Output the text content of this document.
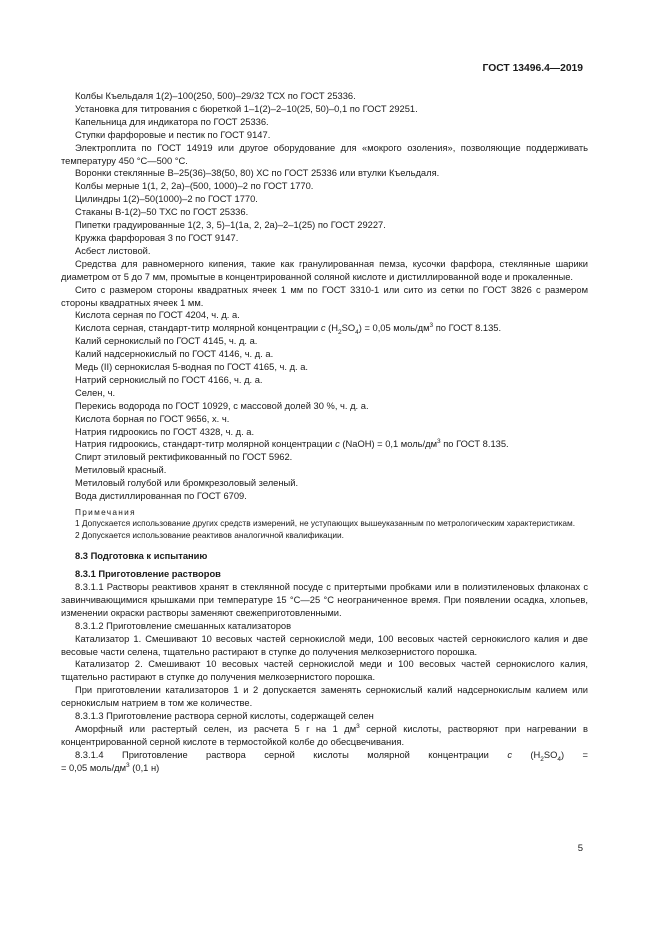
ГОСТ 13496.4—2019

Колбы Къельдаля 1(2)–100(250, 500)–29/32 ТСХ по ГОСТ 25336.

Установка для титрования с бюреткой 1–1(2)–2–10(25, 50)–0,1 по ГОСТ 29251.

Капельница для индикатора по ГОСТ 25336.

Ступки фарфоровые и пестик по ГОСТ 9147.

Электроплита по ГОСТ 14919 или другое оборудование для «мокрого озоления», позволяющие поддерживать температуру 450 °С—500 °С.

Воронки стеклянные В–25(36)–38(50, 80) ХС по ГОСТ 25336 или втулки Къельдаля.

Колбы мерные 1(1, 2, 2а)–(500, 1000)–2 по ГОСТ 1770.

Цилиндры 1(2)–50(1000)–2 по ГОСТ 1770.

Стаканы В-1(2)–50 ТХС по ГОСТ 25336.

Пипетки градуированные 1(2, 3, 5)–1(1а, 2, 2а)–2–1(25) по ГОСТ 29227.

Кружка фарфоровая 3 по ГОСТ 9147.

Асбест листовой.

Средства для равномерного кипения, такие как гранулированная пемза, кусочки фарфора, стеклянные шарики диаметром от 5 до 7 мм, промытые в концентрированной соляной кислоте и дистиллированной воде и прокаленные.

Сито с размером стороны квадратных ячеек 1 мм по ГОСТ 3310-1 или сито из сетки по ГОСТ 3826 с размером стороны квадратных ячеек 1 мм.

Кислота серная по ГОСТ 4204, ч. д. а.

Кислота серная, стандарт-титр молярной концентрации c $(H_2SO_4) = 0,05$ моль/$дм^3$ по ГОСТ 8.135.

Калий сернокислый по ГОСТ 4145, ч. д. а.

Калий надсернокислый по ГОСТ 4146, ч. д. а.

Медь (II) сернокислая 5-водная по ГОСТ 4165, ч. д. а.

Натрий сернокислый по ГОСТ 4166, ч. д. а.

Селен, ч.

Перекись водорода по ГОСТ 10929, с массовой долей 30 %, ч. д. а.

Кислота борная по ГОСТ 9656, х. ч.

Натрия гидроокись по ГОСТ 4328, ч. д. а.

Натрия гидроокись, стандарт-титр молярной концентрации c (NaOH) = 0,1 моль/$дм^3$ по ГОСТ 8.135.

Спирт этиловый ректификованный по ГОСТ 5962.

Метиловый красный.

Метиловый голубой или бромкрезоловый зеленый.

Вода дистиллированная по ГОСТ 6709.

Примечания

1 Допускается использование других средств измерений, не уступающих вышеуказанным по метрологическим характеристикам.

2 Допускается использование реактивов аналогичной квалификации.

8.3 Подготовка к испытанию

8.3.1 Приготовление растворов

8.3.1.1 Растворы реактивов хранят в стеклянной посуде с притертыми пробками или в полиэтиленовых флаконах с завинчивающимися крышками при температуре 15 °С—25 °С неограниченное время. При появлении осадка, хлопьев, изменении окраски растворы заменяют свежеприготовленными.

8.3.1.2 Приготовление смешанных катализаторов

Катализатор 1. Смешивают 10 весовых частей сернокислой меди, 100 весовых частей сернокислого калия и две весовые части селена, тщательно растирают в ступке до получения мелкозернистого порошка.

Катализатор 2. Смешивают 10 весовых частей сернокислой меди и 100 весовых частей сернокислого калия, тщательно растирают в ступке до получения мелкозернистого порошка.

При приготовлении катализаторов 1 и 2 допускается заменять сернокислый калий надсернокислым калием или сернокислым натрием в том же количестве.

8.3.1.3 Приготовление раствора серной кислоты, содержащей селен

Аморфный или растертый селен, из расчета 5 г на 1 $дм^3$ серной кислоты, растворяют при нагревании в концентрированной серной кислоте в термостойкой колбе до обесцвечивания.

8.3.1.4 Приготовление раствора серной кислоты молярной концентрации c $(H_2SO_4)$ =

= 0,05 моль/$дм^3$ (0,1 н)

5
